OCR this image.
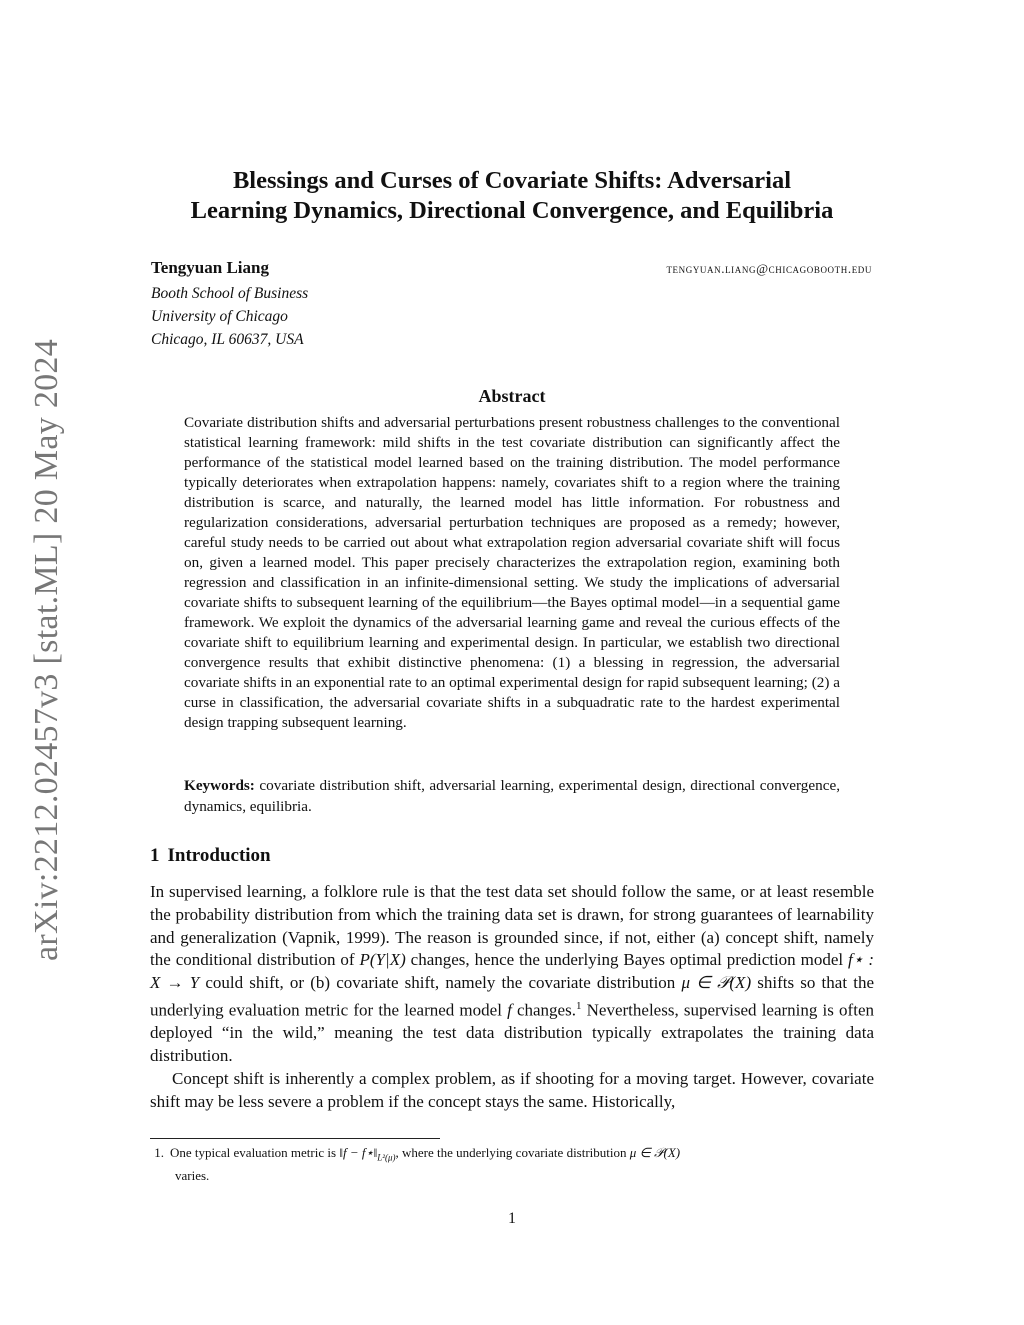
arXiv:2212.02457v3 [stat.ML] 20 May 2024
Blessings and Curses of Covariate Shifts: Adversarial
Learning Dynamics, Directional Convergence, and Equilibria
Tengyuan Liang	tengyuan.liang@chicagobooth.edu
Booth School of Business
University of Chicago
Chicago, IL 60637, USA
Abstract
Covariate distribution shifts and adversarial perturbations present robustness challenges to the conventional statistical learning framework: mild shifts in the test covariate distribution can significantly affect the performance of the statistical model learned based on the training distribution. The model performance typically deteriorates when extrapolation happens: namely, covariates shift to a region where the training distribution is scarce, and naturally, the learned model has little information. For robustness and regularization considerations, adversarial perturbation techniques are proposed as a remedy; however, careful study needs to be carried out about what extrapolation region adversarial covariate shift will focus on, given a learned model. This paper precisely characterizes the extrapolation region, examining both regression and classification in an infinite-dimensional setting. We study the implications of adversarial covariate shifts to subsequent learning of the equilibrium—the Bayes optimal model—in a sequential game framework. We exploit the dynamics of the adversarial learning game and reveal the curious effects of the covariate shift to equilibrium learning and experimental design. In particular, we establish two directional convergence results that exhibit distinctive phenomena: (1) a blessing in regression, the adversarial covariate shifts in an exponential rate to an optimal experimental design for rapid subsequent learning; (2) a curse in classification, the adversarial covariate shifts in a subquadratic rate to the hardest experimental design trapping subsequent learning.
Keywords: covariate distribution shift, adversarial learning, experimental design, directional convergence, dynamics, equilibria.
1 Introduction

In supervised learning, a folklore rule is that the test data set should follow the same, or at least resemble the probability distribution from which the training data set is drawn, for strong guarantees of learnability and generalization (Vapnik, 1999). The reason is grounded since, if not, either (a) concept shift, namely the conditional distribution of P(Y|X) changes, hence the underlying Bayes optimal prediction model f⋆ : X → Y could shift, or (b) covariate shift, namely the covariate distribution μ ∈ 𝒫(X) shifts so that the underlying evaluation metric for the learned model f changes.$^1$ Nevertheless, supervised learning is often deployed “in the wild,” meaning the test data distribution typically extrapolates the training data distribution.

Concept shift is inherently a complex problem, as if shooting for a moving target. However, covariate shift may be less severe a problem if the concept stays the same. Historically,

1. One typical evaluation metric is ‖f − $f⋆‖_{L^2(\mu)}$, where the underlying covariate distribution μ ∈ 𝒫(X)
varies.
1
